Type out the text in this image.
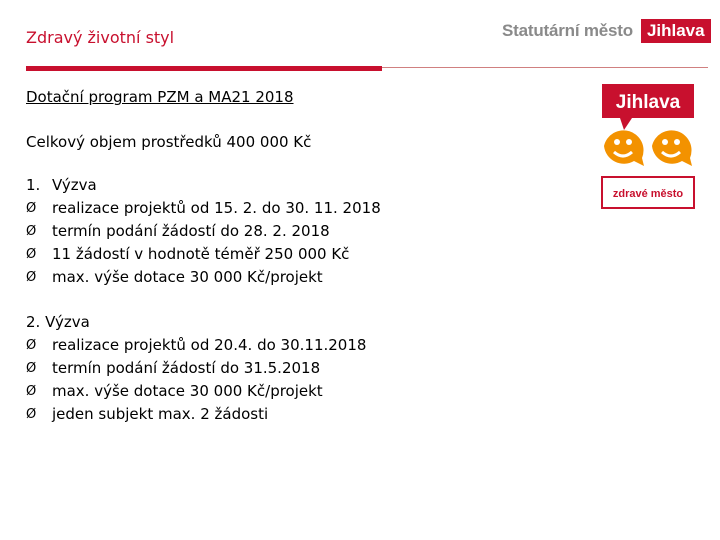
Zdravý životní styl	Statutární město Jihlava
Jihlava
zdravé město
Dotační program PZM a MA21 2018
Celkový objem prostředků 400 000 Kč
1. Výzva
Ø	realizace projektů od 15. 2. do 30. 11. 2018
Ø	termín podání žádostí do 28. 2. 2018
Ø	11 žádostí v hodnotě téměř 250 000 Kč
Ø	max. výše dotace 30 000 Kč/projekt
2. Výzva
Ø	realizace projektů od 20.4. do 30.11.2018
Ø	termín podání žádostí do 31.5.2018
Ø	max. výše dotace 30 000 Kč/projekt
Ø	jeden subjekt max. 2 žádosti
